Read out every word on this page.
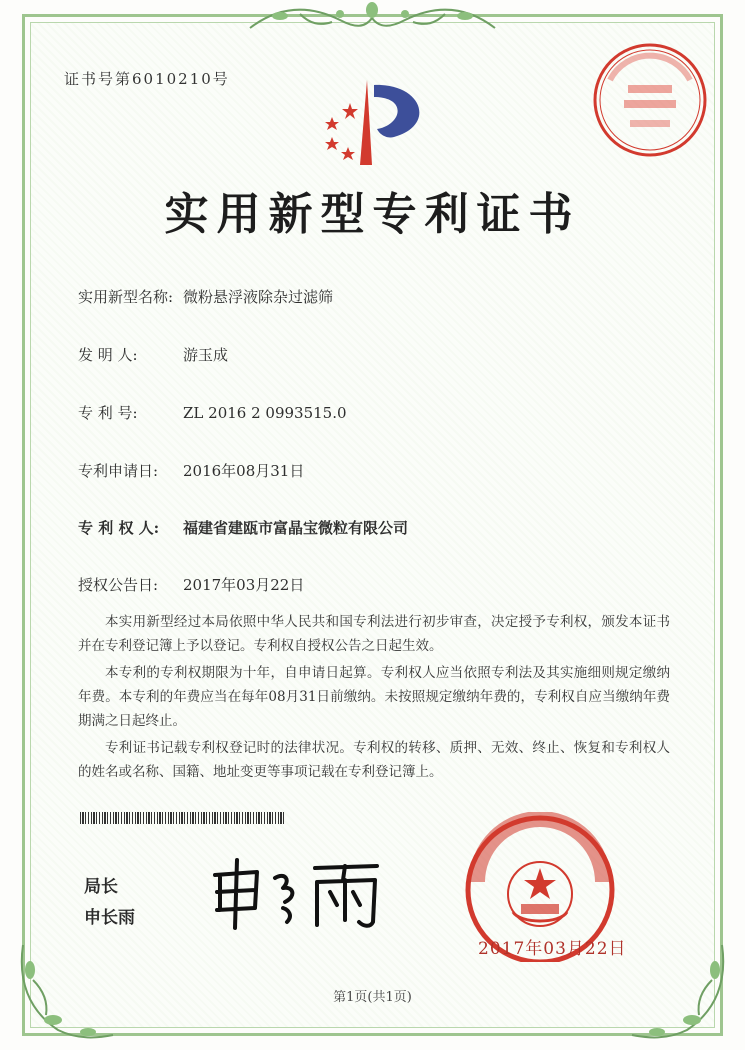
证书号第6010210号
实用新型专利证书
实用新型名称: 微粉悬浮液除杂过滤筛
发 明 人:	游玉成
专 利 号:	ZL 2016 2 0993515.0
专利申请日: 2016年08月31日
专 利 权 人: 福建省建瓯市富晶宝微粒有限公司
授权公告日: 2017年03月22日

本实用新型经过本局依照中华人民共和国专利法进行初步审查，决定授予专利权，颁发本证书并在专利登记簿上予以登记。专利权自授权公告之日起生效。

本专利的专利权期限为十年，自申请日起算。专利权人应当依照专利法及其实施细则规定缴纳年费。本专利的年费应当在每年08月31日前缴纳。未按照规定缴纳年费的，专利权自应当缴纳年费期满之日起终止。

专利证书记载专利权登记时的法律状况。专利权的转移、质押、无效、终止、恢复和专利权人的姓名或名称、国籍、地址变更等事项记载在专利登记簿上。

局长
申长雨
2017年03月22日
第1页(共1页)
